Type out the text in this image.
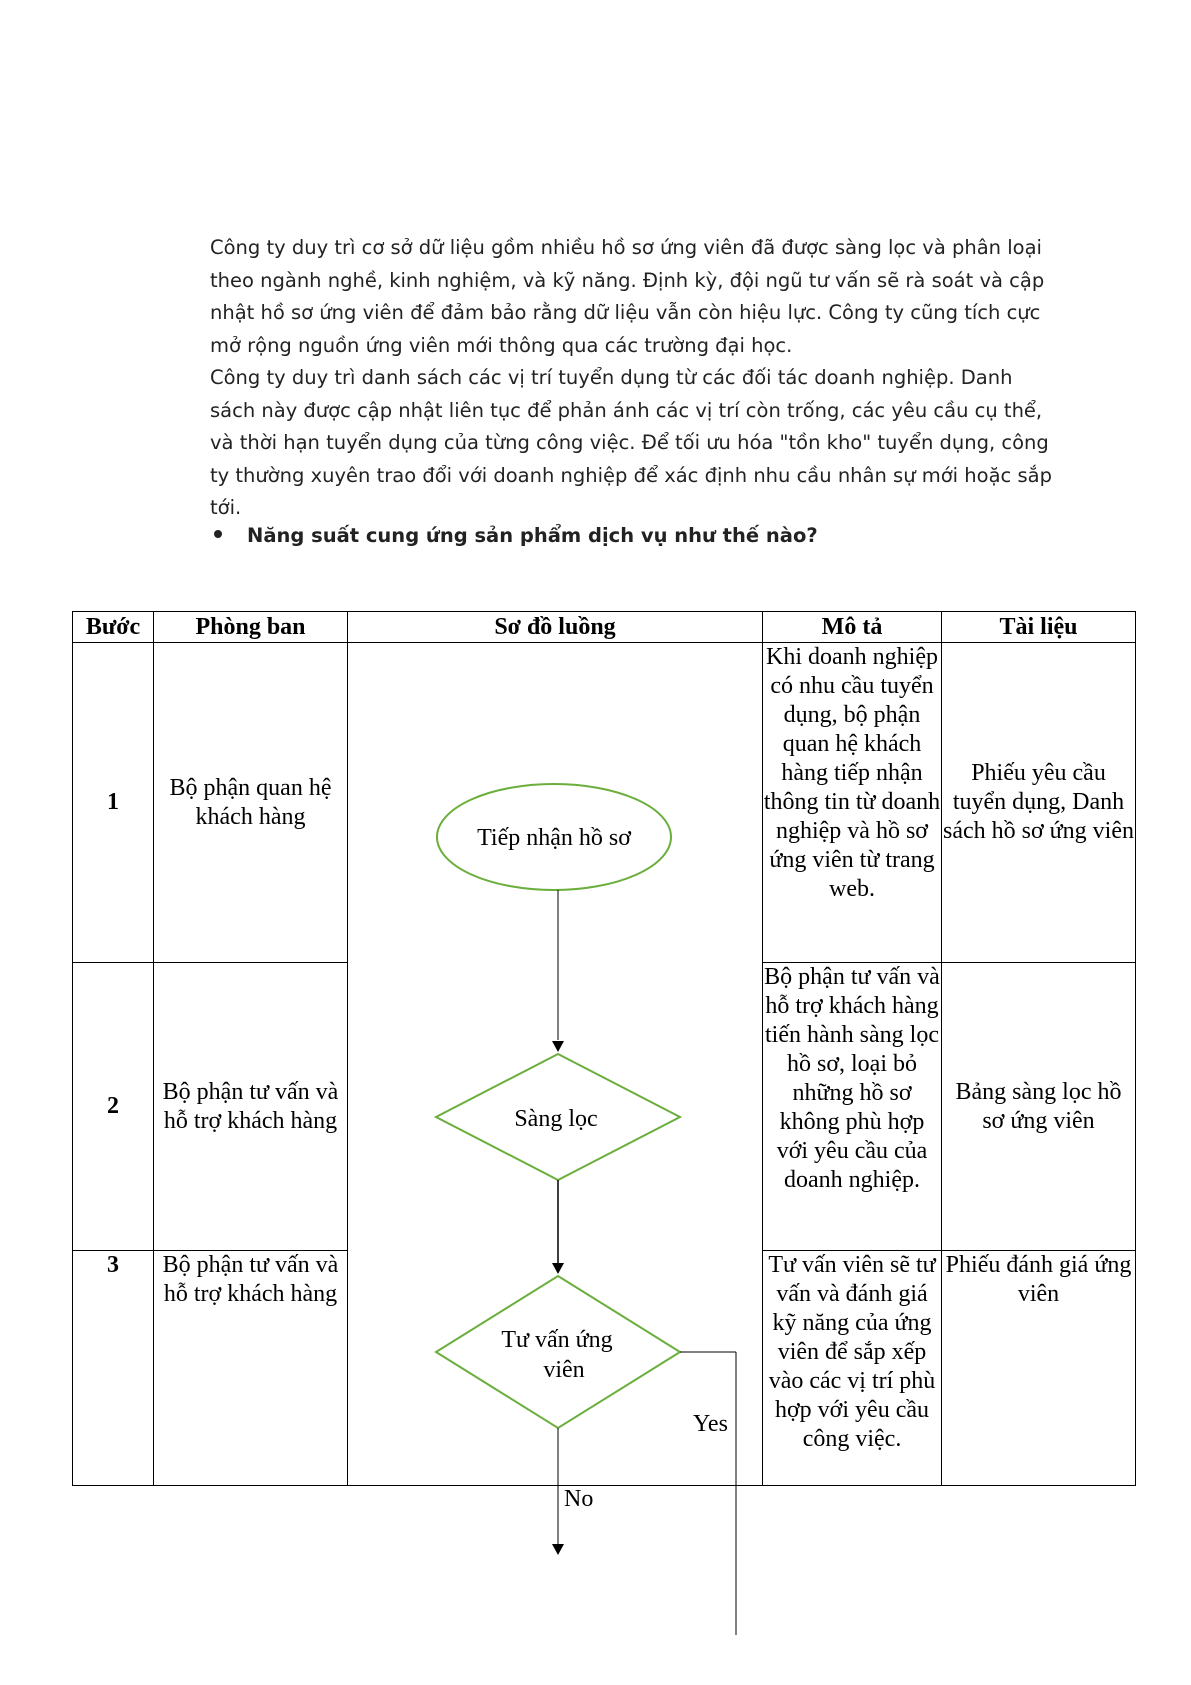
Công ty duy trì cơ sở dữ liệu gồm nhiều hồ sơ ứng viên đã được sàng lọc và phân loại theo ngành nghề, kinh nghiệm, và kỹ năng. Định kỳ, đội ngũ tư vấn sẽ rà soát và cập nhật hồ sơ ứng viên để đảm bảo rằng dữ liệu vẫn còn hiệu lực. Công ty cũng tích cực mở rộng nguồn ứng viên mới thông qua các trường đại học.

Công ty duy trì danh sách các vị trí tuyển dụng từ các đối tác doanh nghiệp. Danh sách này được cập nhật liên tục để phản ánh các vị trí còn trống, các yêu cầu cụ thể, và thời hạn tuyển dụng của từng công việc. Để tối ưu hóa "tồn kho" tuyển dụng, công ty thường xuyên trao đổi với doanh nghiệp để xác định nhu cầu nhân sự mới hoặc sắp tới.

Năng suất cung ứng sản phẩm dịch vụ như thế nào?
Bước	Phòng ban	Sơ đồ luồng	Mô tả	Tài liệu
1	Bộ phận quan hệ khách hàng		Khi doanh nghiệp có nhu cầu tuyển dụng, bộ phận quan hệ khách hàng tiếp nhận thông tin từ doanh nghiệp và hồ sơ ứng viên từ trang web.	Phiếu yêu cầu tuyển dụng, Danh sách hồ sơ ứng viên
2	Bộ phận tư vấn và hỗ trợ khách hàng		Bộ phận tư vấn và hỗ trợ khách hàng tiến hành sàng lọc hồ sơ, loại bỏ những hồ sơ không phù hợp với yêu cầu của doanh nghiệp.	Bảng sàng lọc hồ sơ ứng viên
3	Bộ phận tư vấn và hỗ trợ khách hàng		Tư vấn viên sẽ tư vấn và đánh giá kỹ năng của ứng viên để sắp xếp vào các vị trí phù hợp với yêu cầu công việc.	Phiếu đánh giá ứng viên
Tiếp nhận hồ sơ
Sàng lọc
Tư vấn ứng
viên
Yes
No
